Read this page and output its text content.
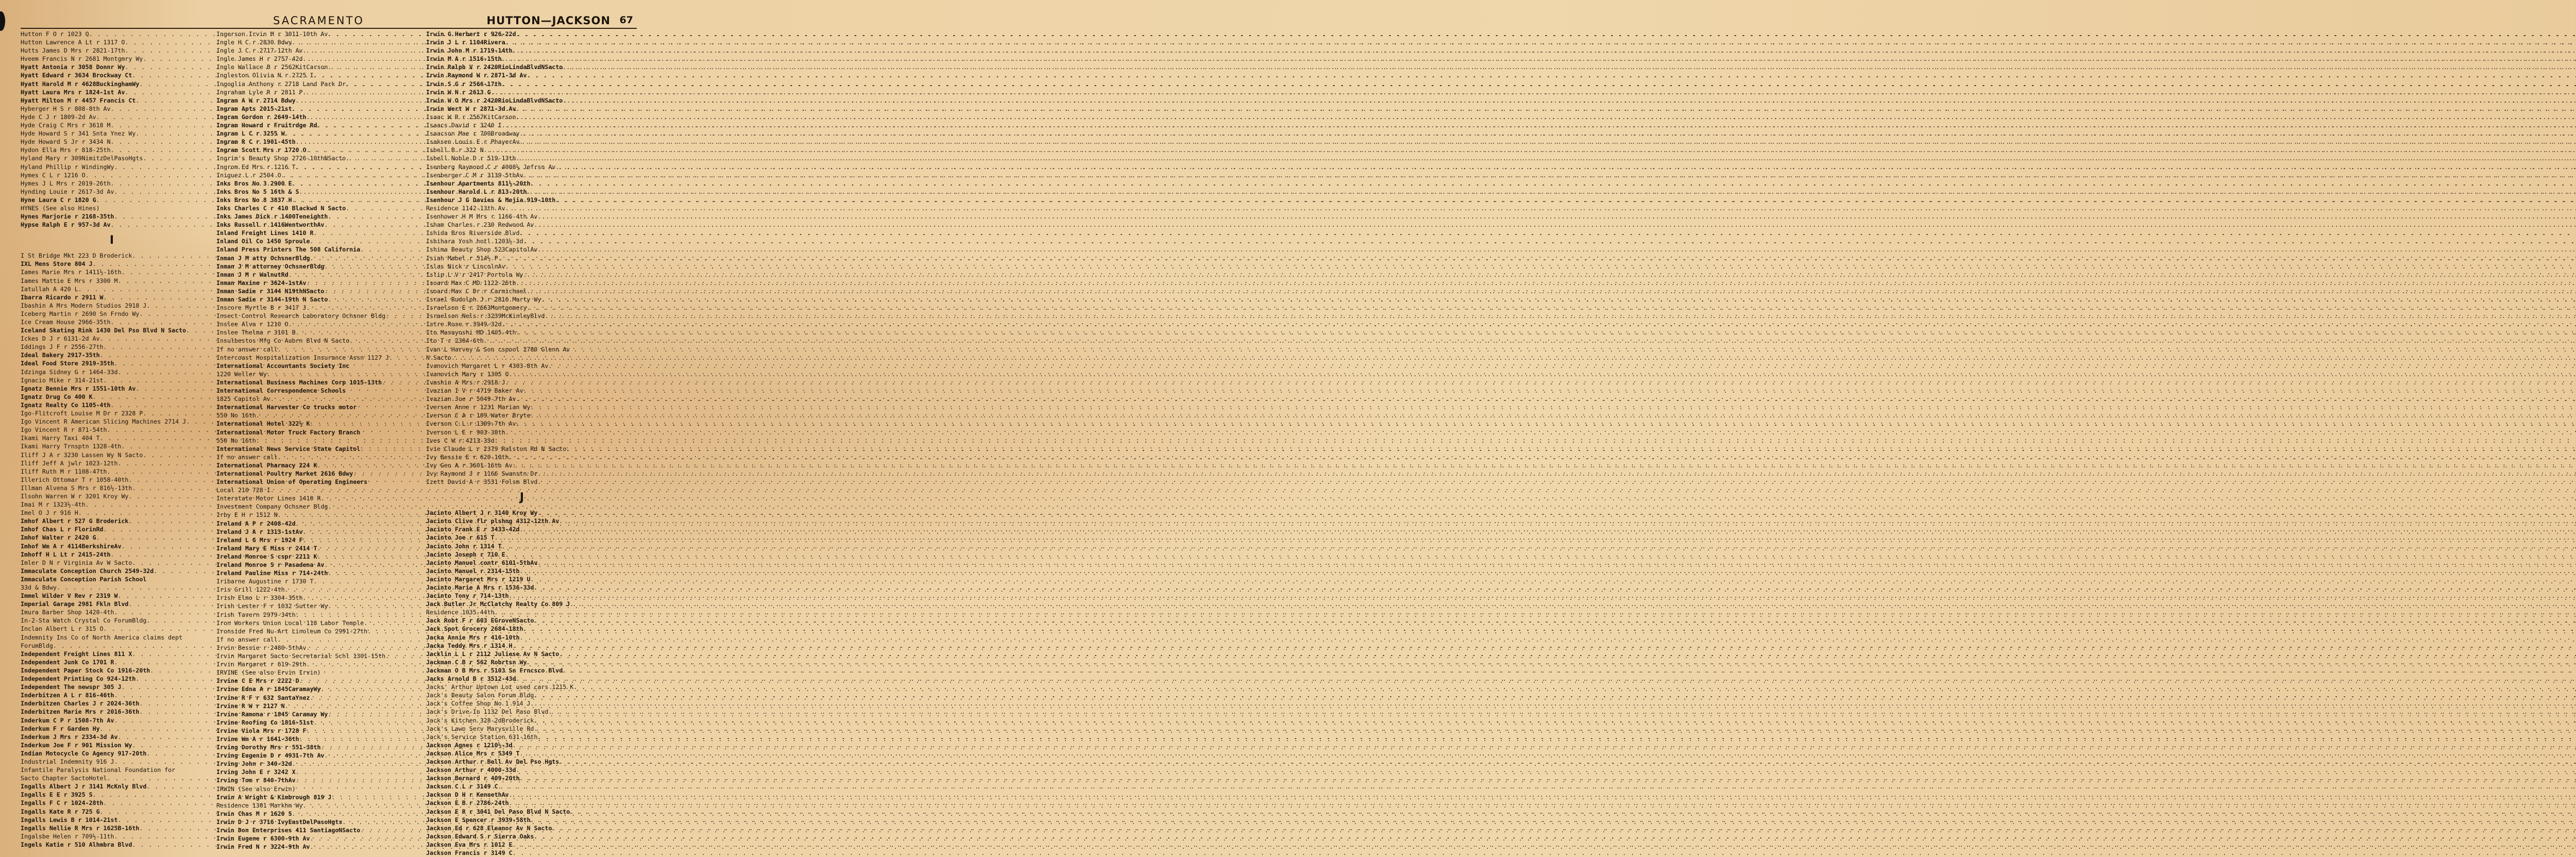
SACRAMENTO	HUTTON—JACKSON 67
Hutton F O r 1023 Q
. . .
Hutton Lawrence A Lt r 1317 O
. . .
Hutts James D Mrs r 2821-17th
. . .
Hveem Francis N r 2681 Montgmry Wy
. . .
Hyatt Antonia r 3058 Donnr Wy
. . .
Hyatt Edward r 3634 Brockway Ct
. . .
Hyatt Harold M r 4628BuckinghamWy
. . .
Hyatt Laura Mrs r 1824-1st Av
. . .
Hyatt Milton M r 4457 Francis Ct
. . .
Hyberger H S r 808-8th Av
. . .
Hyde C J r 1809-2d Av
. . .
Hyde Craig C Mrs r 3618 M
. . .
Hyde Howard S r 341 Snta Ynez Wy
. . .
Hyde Howard S Jr r 3434 N
. . .
Hydon Ella Mrs r 818-25th
. . .
Hyland Mary r 309NimitzDelPasoHgts
. . .
Hyland Phillip r WindingWy
. . .
Hymes C L r 1216 O
. . .
Hymes J L Mrs r 2019-26th
. . .
Hynding Louie r 2617-3d Av
. . .
Hyne Laura C r 1820 G
. . .
HYNES (See also Hines)
Hynes Marjorie r 2168-35th
. . .
Hypse Ralph E r 957-3d Av
. . .
I
I St Bridge Mkt 223 D Broderick
. . .
IXL Mens Store 804 J
. . .
Iames Marie Mrs r 1411½-16th
. . .
Iames Mattie E Mrs r 3300 M
. . .
Iatullah A 420 L
. . .
Ibarra Ricardo r 2911 W
. . .
Ibashin A Mrs Modern Studios 2918 J
. . .
Iceberg Martin r 2690 Sn Frndo Wy
. . .
Ice Cream House 2966-35th
. . .
Iceland Skating Rink 1430 Del Pso Blvd N Sacto
. . .
Ickes D J r 6131-2d Av
. . .
Iddings J F r 2556-27th
. . .
Ideal Bakery 2917-35th
. . .
Ideal Food Store 2919-35th
. . .
Idzinga Sidney G r 1464-33d
. . .
Ignacio Mike r 314-21st
. . .
Ignatz Bennie Mrs r 1551-10th Av
. . .
Ignatz Drug Co 400 K
. . .
Ignatz Realty Co 1105-4th
. . .
Igo-Flitcroft Louise M Dr r 2328 P
. . .
Igo Vincent R American Slicing Machines 2714 J
. . .
Igo Vincent R r 871-54th
. . .
Ikami Harry Taxi 404 T
. . .
Ikami Harry Trnsptn 1328-4th
. . .
Iliff J A r 3230 Lassen Wy N Sacto
. . .
Iliff Jeff A jwlr 1023-12th
. . .
Iliff Ruth M r 1108-47th
. . .
Illerich Ottomar T r 1058-40th
. . .
Illman Alvena S Mrs r 816½-13th
. . .
Ilsohn Warren W r 3201 Kroy Wy
. . .
Imai M r 1323½-4th
. . .
Imel O J r 916 H
. . .
Imhof Albert r 527 G Broderick
. . .
Imhof Chas L r FlorinRd
. . .
Imhof Walter r 2420 G
. . .
Imhof Wm A r 4114BerkshireAv
. . .
Imhoff H L Lt r 2415-24th
. . .
Imler D N r Virginia Av W Sacto
. . .
Immaculate Conception Church 2549-32d
. . .
Immaculate Conception Parish School
33d & Bdwy
. . .
Immel Wilder V Rev r 2319 W
. . .
Imperial Garage 2981 Fkln Blvd
. . .
Imura Barber Shop 1420-4th
. . .
In-2-Sta Watch Crystal Co ForumBldg
. . .
Inclan Albert L r 315 O
. . .
Indemnity Ins Co of North America claims dept
ForumBldg
. . .
Independent Freight Lines 811 X
. . .
Independent Junk Co 1701 R
. . .
Independent Paper Stock Co 1916-20th
. . .
Independent Printing Co 924-12th
. . .
Independent The newspr 305 J
. . .
Inderbitzen A L r 816-46th
. . .
Inderbitzen Charles J r 2024-36th
. . .
Inderbitzen Marie Mrs r 2016-36th
. . .
Inderkum C P r 1508-7th Av
. . .
Inderkum F r Garden Hy
. . .
Inderkum J Mrs r 2334-3d Av
. . .
Inderkum Joe F r 901 Mission Wy
. . .
Indian Motocycle Co Agency 917-20th
. . .
Industrial Indemnity 916 J
. . .
Infantile Paralysis National Foundation for
Sacto Chapter SactoHotel
. . .
Ingalls Albert J r 3141 McKnly Blvd
. . .
Ingalls E E r 3925 S
. . .
Ingalls F C r 1024-28th
. . .
Ingalls Kate R r 725 G
. . .
Ingalls Lewis B r 1014-21st
. . .
Ingalls Nellie R Mrs r 1625B-16th
. . .
Ingalsbe Helen r 709½-11th
. . .
Ingels Katie r 510 Alhmbra Blvd
. . .
Ingerson Irvin M r 3011-10th Av
. . .
Ingle H C r 2830 Bdwy
. . .
Ingle J C r 2717-12th Av
. . .
Ingle James H r 2757-42d
. . .
Ingle Wallace B r 2562KitCarson
. . .
Ingleston Olivia N r 2725 I
. . .
Ingoglia Anthony r 2718 Land Park Dr
. . .
Ingraham Lyle R r 2811 P
. . .
Ingram A W r 2714 Bdwy
. . .
Ingram Apts 2015-21st
. . .
Ingram Gordon r 2649-14th
. . .
Ingram Howard r Fruitrdge Rd
. . .
Ingram L C r 3255 W
. . .
Ingram R C r 1901-45th
. . .
Ingram Scott Mrs r 1720 O
. . .
Ingrim's Beauty Shop 2726-10thNSacto
. . .
Ingrom Ed Mrs r 1216 T
. . .
Iniguez L r 2504 O
. . .
Inks Bros No 3 2900 E
. . .
Inks Bros No 5 16th & S
. . .
Inks Bros No 8 3837 H
. . .
Inks Charles C r 410 Blackwd N Sacto
. . .
Inks James Dick r 1400Teneighth
. . .
Inks Russell r 1416WentworthAv
. . .
Inland Freight Lines 1410 R
. . .
Inland Oil Co 1450 Sproule
. . .
Inland Press Printers The 508 California
. . .
Inman J M atty OchsnerBldg
. . .
Inman J M attorney OchsnerBldg
. . .
Inman J M r WalnutRd
. . .
Inman Maxine r 3624-1stAv
. . .
Inman Sadie r 3144 N19thNSacto
. . .
Inman Sadie r 3144-19th N Sacto
. . .
Inscore Myrtle B r 3417 J
. . .
Insect Control Research Laboratory Ochsner Bldg
. . .
Inslee Alva r 1210 O
. . .
Inslee Thelma r 3101 B
. . .
Insulbestos Mfg Co Aubrn Blvd N Sacto
. . .
If no answer call
. . .
Intercoast Hospitalization Insurance Assn 1127 J
. . .
International Accountants Society Inc
1220 Weller Wy
. . .
International Business Machines Corp 1015-13th
. . .
International Correspondence Schools
1825 Capitol Av
. . .
International Harvester Co trucks motor
550 No 16th
. . .
International Hotel 322½ K
. . .
International Motor Truck Factory Branch
550 No 16th
. . .
International News Service State Capitol
. . .
If no answer call
. . .
International Pharmacy 224 K
. . .
International Poultry Market 2616 Bdwy
. . .
International Union of Operating Engineers
Local 210 728 I
. . .
Interstate Motor Lines 1410 R
. . .
Investment Company Ochsner Bldg
. . .
Irby E H r 1512 N
. . .
Ireland A P r 2408-42d
. . .
Ireland J A r 1313-1stAv
. . .
Ireland L G Mrs r 1924 F
. . .
Ireland Mary E Miss r 2414 T
. . .
Ireland Monroe S cspr 2211 K
. . .
Ireland Monroe S r Pasadena Av
. . .
Ireland Pauline Miss r 714-24th
. . .
Iribarne Augustine r 1730 T
. . .
Iris Grill 1222-4th
. . .
Irish Elmo L r 3304-35th
. . .
Irish Lester F r 1032 Sutter Wy
. . .
Irish Tavern 2979-34th
. . .
Iron Workers Union Local 118 Labor Temple
. . .
Ironside Fred Nu-Art Linoleum Co 2991-27th
. . .
If no answer call
. . .
Irvin Bessie r 2480-5thAv
. . .
Irvin Margaret Sacto Secretarial Schl 1301-15th
. . .
Irvin Margaret r 619-29th
. . .
IRVINE (See also Ervin Irvin)
Irvine C E Mrs r 2222 D
. . .
Irvine Edna A r 1845CaramayWy
. . .
Irvine R F r 632 SantaYnez
. . .
Irvine R W r 2127 N
. . .
Irvine Ramona r 1845 Caramay Wy
. . .
Irvine Roofing Co 1816-51st
. . .
Irvine Viola Mrs r 1728 F
. . .
Irvine Wm A r 1641-36th
. . .
Irving Dorothy Mrs r 551-38th
. . .
Irving Eugenie D r 4931-7th Av
. . .
Irving John r 340-32d
. . .
Irving John E r 3242 X
. . .
Irving Tom r 840-7thAv
. . .
IRWIN (See also Erwin)
Irwin A Wright & Kimbrough 819 J
. . .
Residence 1301 Markhm Wy
. . .
Irwin Chas M r 1620 S
. . .
Irwin D J r 3716 IvyEastDelPasoHgts
. . .
Irwin Don Enterprises 411 SantiagoNSacto
. . .
Irwin Eugene r 6300-9th Av
. . .
Irwin Fred N r 3224-9th Av
. . .
Irwin G Herbert r 926-22d
. . .
Irwin J L r 1104Rivera
. . .
Irwin John M r 1719-14th
. . .
Irwin M A r 1516-15th
. . .
Irwin Ralph V r 2420RioLindaBlvdNSacto
. . .
Irwin Raymond W r 2871-3d Av
. . .
Irwin S G r 2566-17th
. . .
Irwin W N r 2613 G
. . .
Irwin W O Mrs r 2420RioLindaBlvdNSacto
. . .
Irwin Wert W r 2871-3d Av
. . .
Isaac W R r 2567KitCarson
. . .
Isaacs David r 3240 I
. . .
Isaacson Mae r 700Broadway
. . .
Isaksen Louis E r PhayerAv
. . .
Isbell B r 322 N
. . .
Isbell Noble D r 519-13th
. . .
Isenberg Raymond C r 4008½ Jefrsn Av
. . .
Isenberger C M r 3139-5thAv
. . .
Isenhour Apartments 811½-20th
. . .
Isenhour Harold L r 813-20th
. . .
Isenhour J G Davies & Mejia 919-10th
. . .
Residence 1142-13th Av
. . .
Isenhower H M Mrs r 1166-4th Av
. . .
Isham Charles r 230 Redwood Av
. . .
Ishida Bros Riverside Blvd
. . .
Ishihara Yosh hotl 1203½-3d
. . .
Ishima Beauty Shop 523CapitolAv
. . .
Isiah Mabel r 514½ P
. . .
Islas Nick r LincolnAv
. . .
Islip L V r 2417 Portola Wy
. . .
Isoard Max C MD 1122-26th
. . .
Isoard Max C Dr r Carmichael
. . .
Israel Rudolph J r 2816 Marty Wy
. . .
Israelson E r 2663Montgomery
. . .
Israelson Nels r 3239McKinleyBlvd
. . .
Istre Rose r 3949-32d
. . .
Ito Masayoshi MD 1405-4th
. . .
Ito T r 2304-6th
. . .
Ivan L Harvey & Son cspool 2780 Glenn Av
N Sacto
. . .
Ivanovich Margaret L r 4303-8th Av
. . .
Ivanovich Mary r 1305 O
. . .
Ivashin A Mrs r 2918 J
. . .
Ivazian I V r 4719 Baker Av
. . .
Ivazian Joe r 5049-7th Av
. . .
Iversen Anne r 1231 Marian Wy
. . .
Iverson C A r 109 Water Bryte
. . .
Iverson C L r 1309-7th Av
. . .
Iverson L E r 903-38th
. . .
Ives C W r 4213-33d
. . .
Ivie Claude L r 2379 Ralston Rd N Sacto
. . .
Ivy Bessie E r 620-10th
. . .
Ivy Geo A r 3601-16th Av
. . .
Ivy Raymond J r 1166 Swanstn Dr
. . .
Izett David A r 3531 Folsm Blvd
. . .
J
Jacinto Albert J r 3140 Kroy Wy
. . .
Jacinto Clive flr plshng 4312-12th Av
. . .
Jacinto Frank E r 3433-42d
. . .
Jacinto Joe r 615 T
. . .
Jacinto John r 1314 T
. . .
Jacinto Joseph r 710 E
. . .
Jacinto Manuel contr 6101-5thAv
. . .
Jacinto Manuel r 2314-15th
. . .
Jacinto Margaret Mrs r 1219 U
. . .
Jacinto Marie A Mrs r 1536-33d
. . .
Jacinto Tony r 714-13th
. . .
Jack Butler Jr McClatchy Realty Co 809 J
. . .
Residence 1035-44th
. . .
Jack Robt F r 603 EGroveNSacto
. . .
Jack Spot Grocery 2684-18th
. . .
Jacka Annie Mrs r 416-10th
. . .
Jacka Teddy Mrs r 1314 H
. . .
Jacklin L L r 2112 Juliese Av N Sacto
. . .
Jackman C B r 562 Robrtsn Wy
. . .
Jackman O B Mrs r 5103 Sn Frncsco Blvd
. . .
Jacks Arnold B r 3512-43d
. . .
Jacks' Arthur Uptown Lot used cars 1215 K
. . .
Jack's Beauty Salon Forum Bldg
. . .
Jack's Coffee Shop No 1 914 J
. . .
Jack's Drive-In 1132 Del Paso Blvd
. . .
Jack's Kitchen 328-2dBroderick
. . .
Jack's Lawn Serv Marysville Rd
. . .
Jack's Service Station 631-16th
. . .
Jackson Agnes r 1210½-3d
. . .
Jackson Alice Mrs r 5349 T
. . .
Jackson Arthur r Bell Av Del Pso Hgts
. . .
Jackson Arthur r 4000-33d
. . .
Jackson Bernard r 409-20th
. . .
Jackson C L r 3149 C
. . .
Jackson D H r KennethAv
. . .
Jackson E B r 2786-24th
. . .
Jackson E R r 3041 Del Paso Blvd N Sacto
. . .
Jackson E Spencer r 3939-58th
. . .
Jackson Ed r 628 Eleanor Av N Sacto
. . .
Jackson Edward S r Sierra Oaks
. . .
Jackson Eva Mrs r 1012 E
. . .
Jackson Francis r 3149 C
. . .
